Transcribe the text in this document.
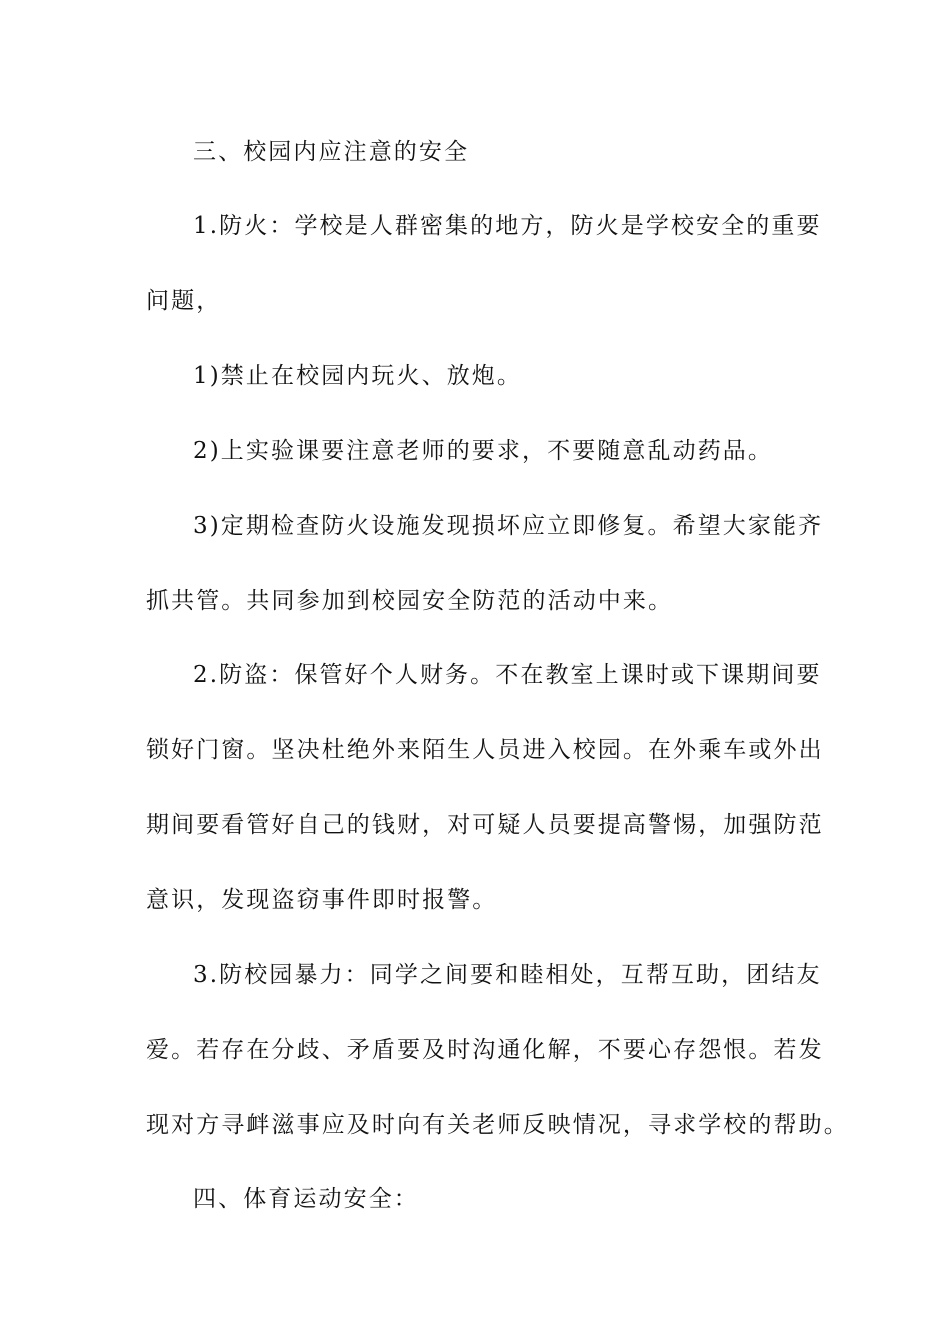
三、校园内应注意的安全
1.防火：学校是人群密集的地方，防火是学校安全的重要
问题，
1)禁止在校园内玩火、放炮。
2)上实验课要注意老师的要求，不要随意乱动药品。
3)定期检查防火设施发现损坏应立即修复。希望大家能齐
抓共管。共同参加到校园安全防范的活动中来。
2.防盗：保管好个人财务。不在教室上课时或下课期间要
锁好门窗。坚决杜绝外来陌生人员进入校园。在外乘车或外出
期间要看管好自己的钱财，对可疑人员要提高警惕，加强防范
意识，发现盗窃事件即时报警。
3.防校园暴力：同学之间要和睦相处，互帮互助，团结友
爱。若存在分歧、矛盾要及时沟通化解，不要心存怨恨。若发
现对方寻衅滋事应及时向有关老师反映情况，寻求学校的帮助。
四、体育运动安全：
